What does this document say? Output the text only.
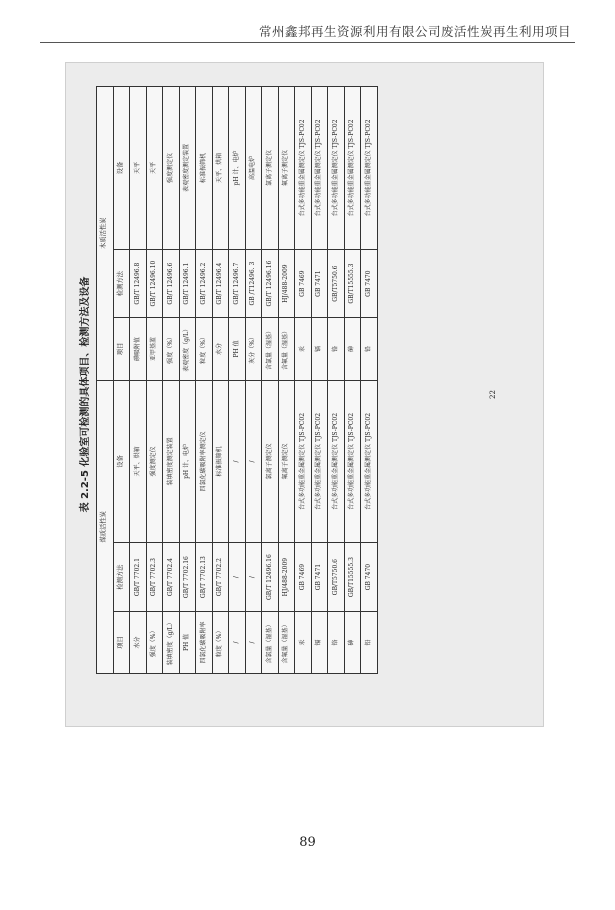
常州鑫邦再生资源利用有限公司废活性炭再生利用项目
表 2.2-5 化验室可检测的具体项目、检测方法及设备
煤质活性炭			木质活性炭		
项目	检测方法	设备	项目	检测方法	设备
水分	GB/T 7702.1	天平、烘箱	碘吸附值	GB/T 12496.8	天平
强度（%）	GB/T 7702.3	强度测定仪	亚甲基蓝	GB/T 12496.10	天平
装填密度（g/L）	GB/T 7702.4	装填密度测定装置	强度（%）	GB/T 12496.6	强度测定仪
PH 值	GB/T 7702.16	pH 计、电炉	表观密度（g/L）	GB/T 12496.1	表观密度测定装置
四氯化碳吸附率	GB/T 7702.13	四氯化碳吸附率测定仪	粒度（%）	GB/T 12496.2	标准振筛机
粒度（%）	GB/T 7702.2	标准振筛机	水分	GB/T 12496.4	天平、烘箱
/	/	/	PH 值	GB/T 12496.7	pH 计、电炉
/	/	/	灰分（%）	GB /T12496. 3	高温电炉
含氯量（湿基）	GB/T 12496.16	氯离子测定仪	含氯量（湿基）	GB/T 12496.16	氯离子测定仪
含氟量（湿基）	HJ/488-2009	氟离子测定仪	含氟量（湿基）	HJ/488-2009	氟离子测定仪
汞	GB 7469	台式多功能重金属测定仪 TJS-PC02	汞	GB 7469	台式多功能重金属测定仪 TJS-PC02
镉	GB 7471	台式多功能重金属测定仪 TJS-PC02	镉	GB 7471	台式多功能重金属测定仪 TJS-PC02
铬	GB/T5750.6	台式多功能重金属测定仪 TJS-PC02	铬	GB/T5750.6	台式多功能重金属测定仪 TJS-PC02
砷	GB/T15555.3	台式多功能重金属测定仪 TJS-PC02	砷	GB/T15555.3	台式多功能重金属测定仪 TJS-PC02
铅	GB 7470	台式多功能重金属测定仪 TJS-PC02	铅	GB 7470	台式多功能重金属测定仪 TJS-PC02
22
89
